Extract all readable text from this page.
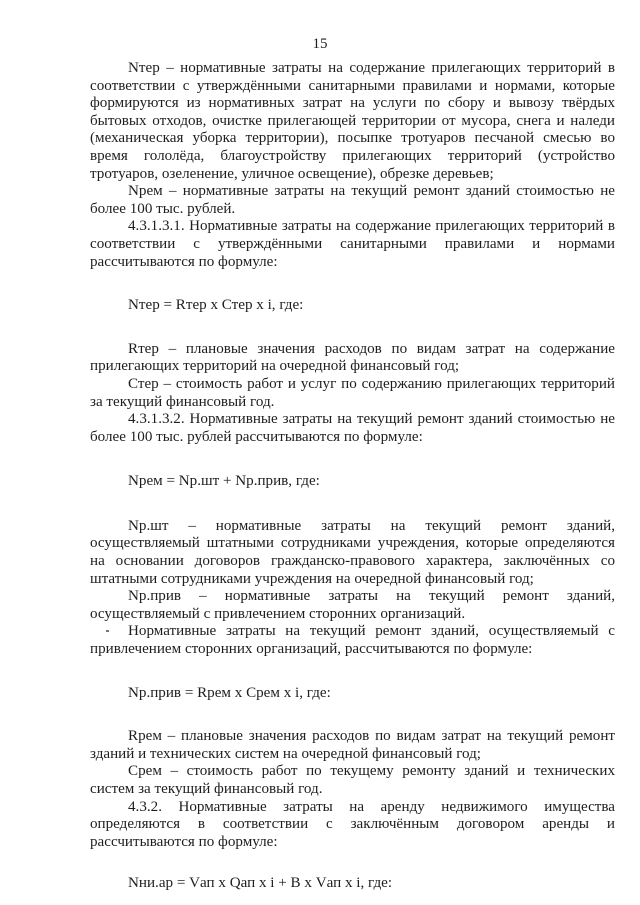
15

Nтер – нормативные затраты на содержание прилегающих территорий в соответствии с утверждёнными санитарными правилами и нормами, которые формируются из нормативных затрат на услуги по сбору и вывозу твёрдых бытовых отходов, очистке прилегающей территории от мусора, снега и наледи (механическая уборка территории), посыпке тротуаров песчаной смесью во время гололёда, благоустройству прилегающих территорий (устройство тротуаров, озеленение, уличное освещение), обрезке деревьев;

Nрем – нормативные затраты на текущий ремонт зданий стоимостью не более 100 тыс. рублей.

4.3.1.3.1. Нормативные затраты на содержание прилегающих территорий в соответствии с утверждёнными санитарными правилами и нормами рассчитываются по формуле:

Nтер = Rтер х Стер х i, где:

Rтер – плановые значения расходов по видам затрат на содержание прилегающих территорий на очередной финансовый год;

Стер – стоимость работ и услуг по содержанию прилегающих территорий за текущий финансовый год.

4.3.1.3.2. Нормативные затраты на текущий ремонт зданий стоимостью не более 100 тыс. рублей рассчитываются по формуле:

Nрем = Nр.шт + Nр.прив, где:

Nр.шт – нормативные затраты на текущий ремонт зданий, осуществляемый штатными сотрудниками учреждения, которые определяются на основании договоров гражданско-правового характера, заключённых со штатными сотрудниками учреждения на очередной финансовый год;

Nр.прив – нормативные затраты на текущий ремонт зданий, осуществляемый с привлечением сторонних организаций.

Нормативные затраты на текущий ремонт зданий, осуществляемый с привлечением сторонних организаций, рассчитываются по формуле:

Nр.прив = Rрем х Срем х i, где:

Rрем – плановые значения расходов по видам затрат на текущий ремонт зданий и технических систем на очередной финансовый год;

Срем – стоимость работ по текущему ремонту зданий и технических систем за текущий финансовый год.

4.3.2. Нормативные затраты на аренду недвижимого имущества определяются в соответствии с заключённым договором аренды и рассчитываются по формуле:

Nни.ар = Vап х Qап х i + B х Vап х i, где:
